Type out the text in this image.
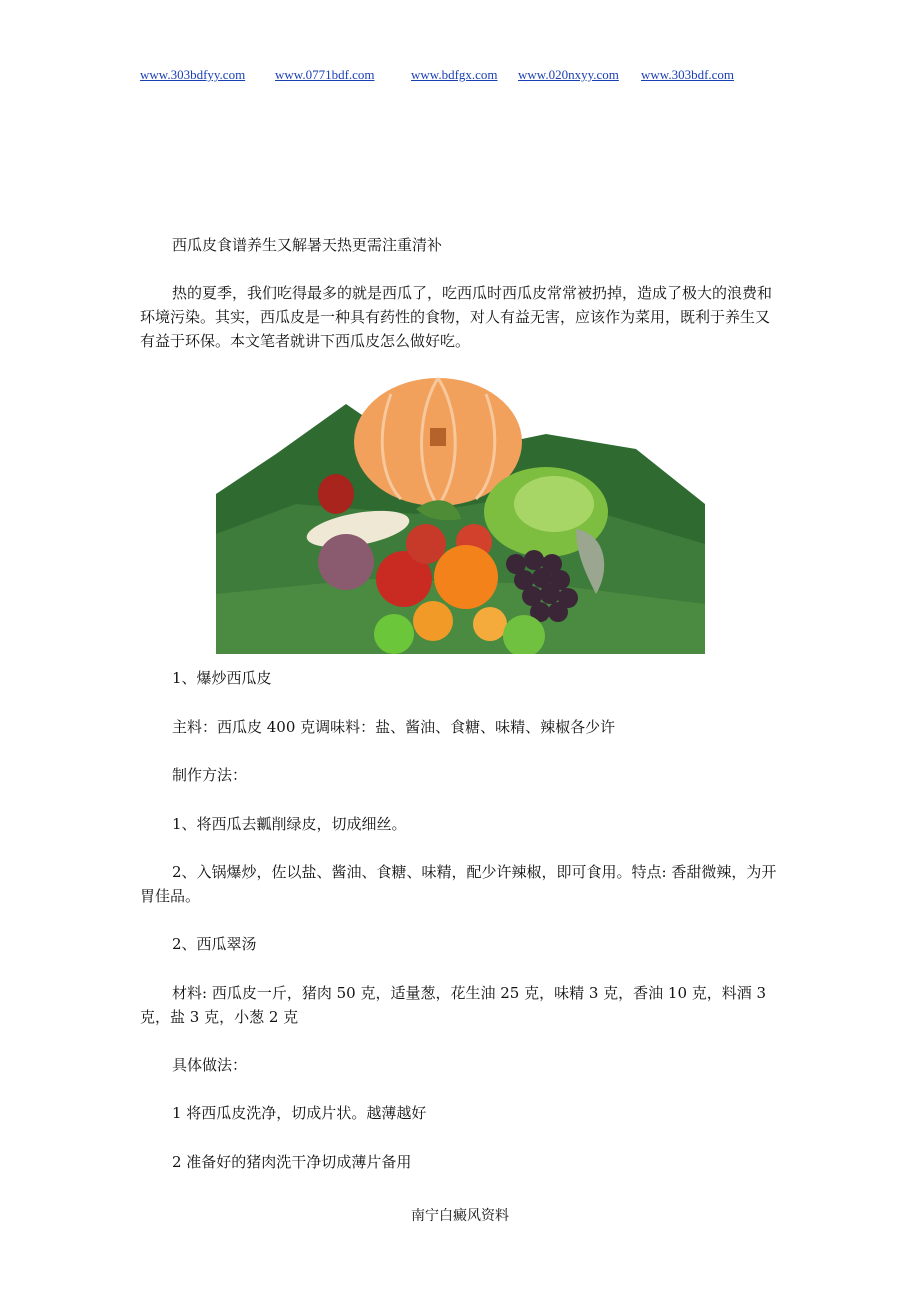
www.303bdfyy.com www.0771bdf.com	www.bdfgx.com www.020nxyy.com www.303bdf.com

西瓜皮食谱养生又解暑天热更需注重清补

热的夏季，我们吃得最多的就是西瓜了，吃西瓜时西瓜皮常常被扔掉，造成了极大的浪费和环境污染。其实，西瓜皮是一种具有药性的食物，对人有益无害，应该作为菜用，既利于养生又有益于环保。本文笔者就讲下西瓜皮怎么做好吃。

1、爆炒西瓜皮

主料：西瓜皮 400 克调味料：盐、酱油、食糖、味精、辣椒各少许

制作方法：

1、将西瓜去瓤削绿皮，切成细丝。

2、入锅爆炒，佐以盐、酱油、食糖、味精，配少许辣椒，即可食用。特点: 香甜微辣，为开胃佳品。

2、西瓜翠汤

材料: 西瓜皮一斤，猪肉 50 克，适量葱，花生油 25 克，味精 3 克，香油 10 克，料酒 3 克，盐 3 克，小葱 2 克

具体做法：

1 将西瓜皮洗净，切成片状。越薄越好

2 准备好的猪肉洗干净切成薄片备用

南宁白癜风资料
